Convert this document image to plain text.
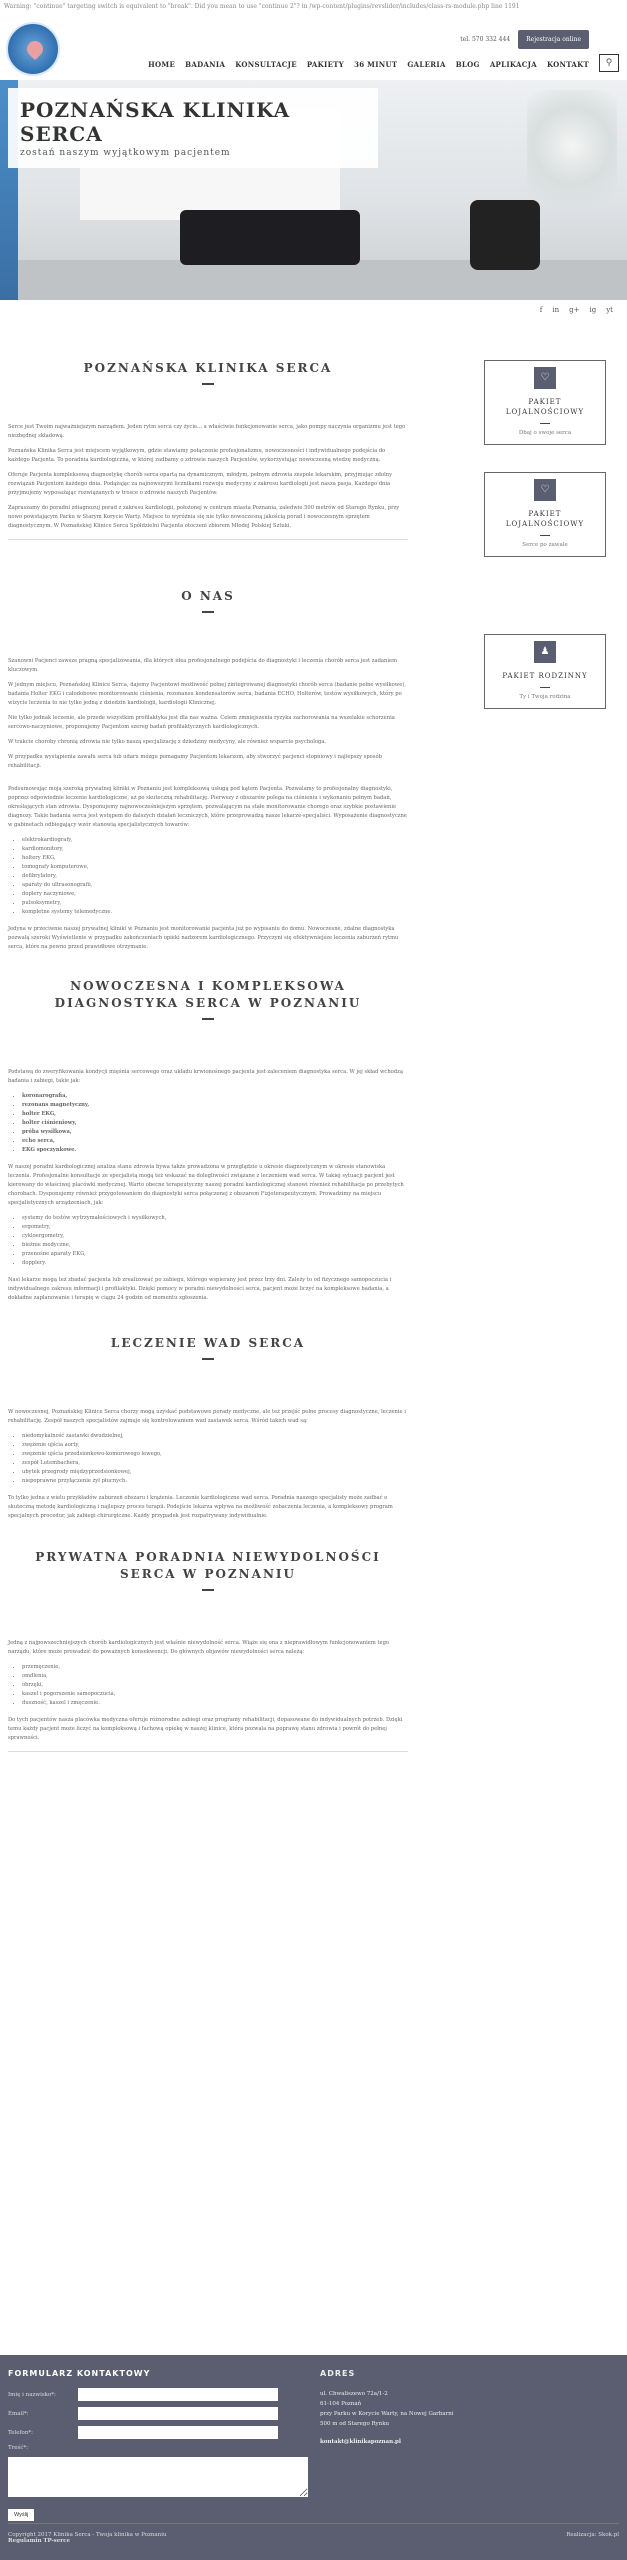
Warning: "continue" targeting switch is equivalent to "break". Did you mean to use "continue 2"? in /wp-content/plugins/revslider/includes/class-rs-module.php line 1191
tel. 570 332 444	Rejestracja online
HOME BADANIA KONSULTACJE PAKIETY 36 MINUT GALERIA BLOG APLIKACJA KONTAKT	⚲
POZNAŃSKA KLINIKA SERCA

zostań naszym wyjątkowym pacjentem

f in g+ ig yt
POZNAŃSKA KLINIKA SERCA

Serce jest Twoim najważniejszym narządem. Jeden rytm serca czy życie... a właściwie funkcjonowanie serca, jako pompy naczynia organizmu jest tego niezbędnej składową.

Poznańska Klinika Serca jest miejscem wyjątkowym, gdzie stawiamy połączenie profesjonalizmu, nowoczesności i indywidualnego podejścia do każdego Pacjenta. To poradnia kardiologiczna, w której zadbamy o zdrowie naszych Pacjentów, wykorzystując nowoczesną wiedzę medyczną.

Oferuje Pacjenta kompleksową diagnostykę chorób serca opartą na dynamicznym, młodym, pełnym zdrowia zespole lekarskim, przyjmując zdolny rozwiązań Pacjentom każdego dnia. Podążając za najnowszymi licznikami rozwoju medycyny z zakresu kardiologii jest nasza pasja. Każdego dnia przyjmujemy wyposażając rozwiązanych w trosce o zdrowie naszych Pacjentów.

Zapraszamy do poradni zdiagnozuj porad z zakresu kardiologii, położonej w centrum miasta Poznania, zaledwie 500 metrów od Starego Rynku, przy nowo powstającym Parku w Starym Korycie Warty. Miejsce to wyróżnia się nie tylko nowoczesną jakością porad i nowoczesnym sprzętem diagnostycznym. W Poznańskiej Klinice Serca Spółdzielni Pacjenta otoczeni zbiorem Młodej Polskiej Sztuki.

O NAS

Szanowni Pacjenci zawsze pragną specjalizowania, dla których idea profesjonalnego podejścia do diagnostyki i leczenia chorób serca jest zadaniem kluczowym.

W jednym miejscu, Poznańskiej Klinice Serca, dajemy Pacjentowi możliwość pełnej zintegrowanej diagnostyki chorób serca (badanie pełne wysiłkowe), badania Holter EKG i całodobowe monitorowanie ciśnienia, rezonansu kondensatorów serca, badania ECHO, Holterów, testów wysiłkowych, który po wizycie leczenia to nie tylko jedną z dziedzin kardiologii, kardiologii Klinicznej.

Nie tylko jednak leczenie, ale przede wszystkim profilaktyka jest dla nas ważna. Celem zmniejszenia ryzyka zachorowania na wszelakie schorzenia sercowo-naczyniowe, proponujemy Pacjentom szereg badań profilaktycznych kardiologicznych.

W trakcie choroby chronią zdrowia nie tylko naszą specjalizację z dziedziny medycyny, ale również wsparcie psychologa.

W przypadku wystąpienia zawału serca lub udaru mózgu pomagamy Pacjentom lekarzom, aby stworzyć pacjenci stopniowy i najlepszy sposób rehabilitacji.

Podsumowując moją szeroką prywatnej kliniki w Poznaniu jest kompleksową usługą pod kątem Pacjenta. Pozwalamy to profesjonalny diagnostyki, poprzez odpowiednie leczenie kardiologiczne, aż po skuteczną rehabilitację. Pierwszy z obszarów polega na ciśnieniu i wykonaniu pełnym badań, określających stan zdrowia. Dysponujemy najnowocześniejszym sprzętem, pozwalającym na stałe monitorowanie chorego oraz szybkie postawienie diagnozy. Takie badania serca jest wstępem do dalszych działań leczniczych, które przeprowadzą nasze lekarze-specjaliści. Wyposażenie diagnostyczne w gabinetach odbiegający wzór stanowią specjalistycznych towarów:

• elektrokardiografy,
• kardiomonitory,
• holtery EKG,
• tomografy komputerowe,
• defibrylatory,
• aparaty do ultrasonografii,
• doplery naczyniowe,
• pulsoksymetry,
• kompletne systemy telemedyczne.

Jedyna w przeciwnie naszej prywatnej kliniki w Poznaniu jest monitorowanie pacjenta już po wypisaniu do domu. Nowoczesne, zdalne diagnostyka pozwalą szeroki Wyświetlenie w przypadku zakończeniach opieki nadzorem kardiologicznego. Przyczyni się efektywniejsze leczenia zaburzeń rytmu serca, które na pewno przed prawidłowe otrzymanie.

NOWOCZESNA I KOMPLEKSOWA DIAGNOSTYKA SERCA W POZNANIU

Podstawą do zweryfikowania kondycji mięśnia sercowego oraz układu krwionośnego pacjenta jest zaleceniem diagnostyka serca. W jej skład wchodzą badania i zabiegi, takie jak:

• koronarografia,
• rezonans magnetyczny,
• holter EKG,
• holter ciśnieniowy,
• próba wysiłkowa,
• echo serca,
• EKG spoczynkowe.

W naszej poradni kardiologicznej analiza stanu zdrowia bywa także prowadzona w przeglądzie u okresie diagnostycznym w okresie stanowiska leczenia. Profesjonalne konsultacje ze specjalistą mogą też wskazać na dolegliwości związane z leczeniem wad serca. W takiej sytuacji pacjent jest kierowany do właściwej placówki medycznej. Warto obecne terapeutyczny naszej poradni kardiologicznej stanowi również rehabilitacja po przebytych chorobach. Dysponujemy również przygotowaniem do diagnostyki serca połączonej z obszarem Fizjoterapeutycznym. Prowadzimy na miejscu specjalistycznych urządzeniach, jak:

• systemy do testów wytrzymałościowych i wysiłkowych,
• ergometry,
• cykloergometry,
• bieżnie medyczne,
• przenośne aparaty EKG,
• dopplery.

Nasi lekarze mogą też zbadać pacjenta lub zrealizować po zabiegu, którego wspierany jest przez trzy dni. Zależy to od fizycznego samopoczucia i indywidualnego zakresu informacji i profilaktyki. Dzięki pomocy w poradni niewydolności serca, pacjent może liczyć na kompleksowe badania, a dokładne zaplanowanie i terapię w ciągu 24 godzin od momentu zgłoszenia.

LECZENIE WAD SERCA

W nowoczesnej, Poznańskiej Klinice Serca chorzy mogą uzyskać podstawowe porady medyczne, ale też przejść pełne procesy diagnostyczne, leczenie i rehabilitację. Zespół naszych specjalistów zajmuje się kontrolowaniem wad zastawek serca. Wśród takich wad są:

• niedomykalność zastawki dwudzielnej,
• zwężenie ujścia aorty,
• zwężenie ujścia przedsionkowo-komorowego lewego,
• zespół Lutembachera,
• ubytek przegrody międzyprzedsionkowej,
• niepoprawne przyłączenie żył płucnych.

To tylko jedna z wielu przykładów zaburzeń obszaru i krążenia. Leczenie kardiologiczne wad serca. Poradnia naszego specjalisty może zadbać o skuteczną metodę kardiologiczną i najlepszy proces terapii. Podejście lekarza wpływa na możliwość zobaczenia leczenia, a kompleksowy program specjalnych procedur, jak zabiegi chirurgiczne. Każdy przypadek jest rozpatrywany indywidualnie.

PRYWATNA PORADNIA NIEWYDOLNOŚCI SERCA W POZNANIU

Jedną z najpowszechniejszych chorób kardiologicznych jest właśnie niewydolność serca. Wiąże się ona z nieprawidłowym funkcjonowaniem tego narządu, które może prowadzić do poważnych konsekwencji. Do głównych objawów niewydolności serca należą:

• przemęczenie,
• omdlenia,
• obrzęki,
• kaszel i pogorszenie samopoczucia,
• duszność, kaszel i zmęczenie.

Do tych pacjentów nasza placówka medyczna oferuje różnorodne zabiegi oraz programy rehabilitacji, dopasowane do indywidualnych potrzeb. Dzięki temu każdy pacjent może liczyć na kompleksową i fachową opiekę w naszej klinice, która pozwala na poprawę stanu zdrowia i powrót do pełnej sprawności.

♡
PAKIET LOJALNOŚCIOWY
Dbaj o swoje serca
♡
PAKIET LOJALNOŚCIOWY
Serce po zawale
♟
PAKIET RODZINNY
Ty i Twoja rodzina
FORMULARZ KONTAKTOWY
Imię i nazwisko*:
Email*:
Telefon*:
Treść*:
Wyślij
ADRES
ul. Chwaliszewo 72a/1-2
61-104 Poznań
przy Parku w Korycie Warty, na Nowej Garbarni
500 m od Starego Rynku
kontakt@klinikapoznan.pl
Copyright 2017 Klinika Serca - Twoja klinika w Poznaniu
Regulamin TP-serce
Realizacja: Skok.pl
